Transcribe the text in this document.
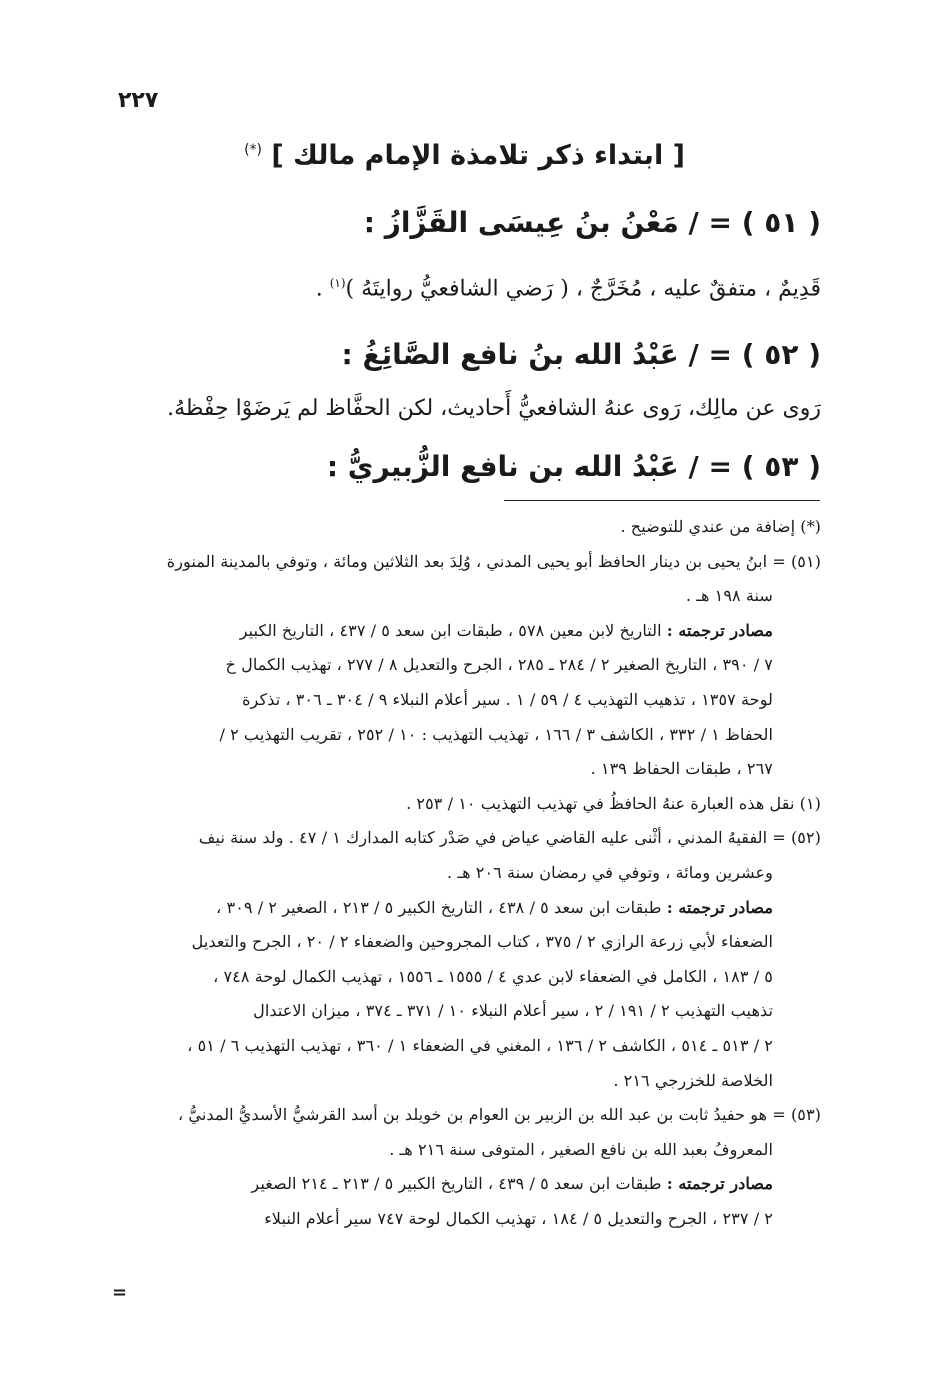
٢٢٧
[ ابتداء ذكر تلامذة الإمام مالك ] (*)
( ٥١ ) = / مَعْنُ بنُ عِيسَى القَزَّازُ :
قَدِيمٌ ، متفقٌ عليه ، مُخَرَّجٌ ، ( رَضي الشافعيُّ روايتَهُ )$^{(١)}$ .
( ٥٢ ) = / عَبْدُ الله بنُ نافع الصَّائِغُ :
رَوى عن مالِك، رَوى عنهُ الشافعيُّ أَحاديث، لكن الحفَّاظ لم يَرضَوْا حِفْظهُ.
( ٥٣ ) = / عَبْدُ الله بن نافع الزُّبيريُّ :
(*) إضافة من عندي للتوضيح .
(٥١) = ابنُ يحيى بن دينار الحافظ أبو يحيى المدني ، وُلِدَ بعد الثلاثين ومائة ، وتوفي بالمدينة المنورة
سنة ١٩٨ هـ .
مصادر ترجمته : التاريخ لابن معين ٥٧٨ ، طبقات ابن سعد ٥ / ٤٣٧ ، التاريخ الكبير
٧ / ٣٩٠ ، التاريخ الصغير ٢ / ٢٨٤ ـ ٢٨٥ ، الجرح والتعديل ٨ / ٢٧٧ ، تهذيب الكمال خ
لوحة ١٣٥٧ ، تذهيب التهذيب ٤ / ٥٩ / ١ . سير أعلام النبلاء ٩ / ٣٠٤ ـ ٣٠٦ ، تذكرة
الحفاظ ١ / ٣٣٢ ، الكاشف ٣ / ١٦٦ ، تهذيب التهذيب : ١٠ / ٢٥٢ ، تقريب التهذيب ٢ /
٢٦٧ ، طبقات الحفاظ ١٣٩ .
(١) نقل هذه العبارة عنهُ الحافظُ في تهذيب التهذيب ١٠ / ٢٥٣ .
(٥٢) = الفقيهُ المدني ، أثْنى عليه القاضي عياض في صَدْر كتابه المدارك ١ / ٤٧ . ولد سنة نيف
وعشرين ومائة ، وتوفي في رمضان سنة ٢٠٦ هـ .
مصادر ترجمته : طبقات ابن سعد ٥ / ٤٣٨ ، التاريخ الكبير ٥ / ٢١٣ ، الصغير ٢ / ٣٠٩ ،
الضعفاء لأبي زرعة الرازي ٢ / ٣٧٥ ، كتاب المجروحين والضعفاء ٢ / ٢٠ ، الجرح والتعديل
٥ / ١٨٣ ، الكامل في الضعفاء لابن عدي ٤ / ١٥٥٥ ـ ١٥٥٦ ، تهذيب الكمال لوحة ٧٤٨ ،
تذهيب التهذيب ٢ / ١٩١ / ٢ ، سير أعلام النبلاء ١٠ / ٣٧١ ـ ٣٧٤ ، ميزان الاعتدال
٢ / ٥١٣ ـ ٥١٤ ، الكاشف ٢ / ١٣٦ ، المغني في الضعفاء ١ / ٣٦٠ ، تهذيب التهذيب ٦ / ٥١ ،
الخلاصة للخزرجي ٢١٦ .
(٥٣) = هو حفيدُ ثابت بن عبد الله بن الزبير بن العوام بن خويلد بن أسد القرشيُّ الأسديُّ المدنيُّ ،
المعروفُ بعبد الله بن نافع الصغير ، المتوفى سنة ٢١٦ هـ .
مصادر ترجمته : طبقات ابن سعد ٥ / ٤٣٩ ، التاريخ الكبير ٥ / ٢١٣ ـ ٢١٤ الصغير
٢ / ٢٣٧ ، الجرح والتعديل ٥ / ١٨٤ ، تهذيب الكمال لوحة ٧٤٧ سير أعلام النبلاء
=
